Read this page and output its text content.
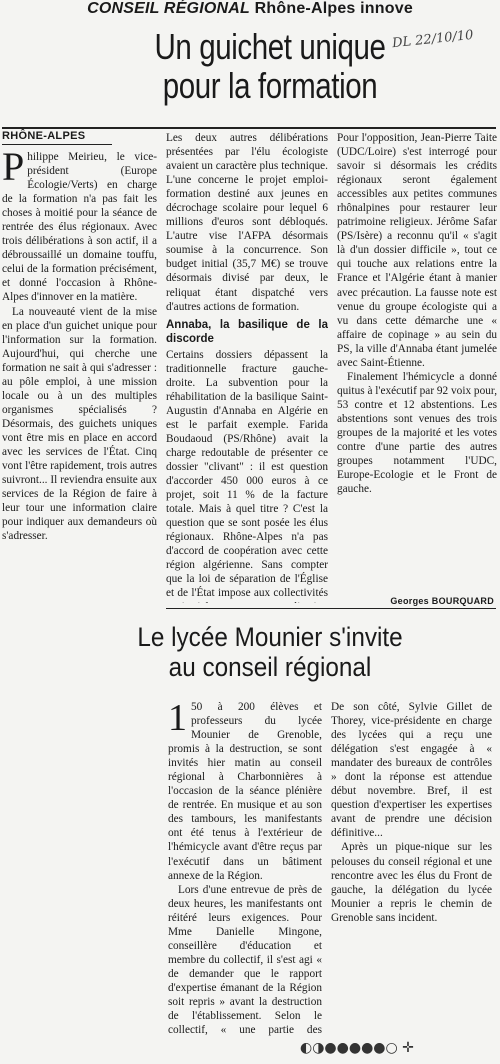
CONSEIL RÉGIONAL Rhône-Alpes innove
DL 22/10/10
Un guichet unique
pour la formation
RHÔNE-ALPES

Philippe Meirieu, le vice-président (Europe Écologie/Verts) en charge de la formation n'a pas fait les choses à moitié pour la séance de rentrée des élus régionaux. Avec trois délibérations à son actif, il a débroussaillé un domaine touffu, celui de la formation précisément, et donné l'occasion à Rhône-Alpes d'innover en la matière.

La nouveauté vient de la mise en place d'un guichet unique pour l'information sur la formation. Aujourd'hui, qui cherche une formation ne sait à qui s'adresser : au pôle emploi, à une mission locale ou à un des multiples organismes spécialisés ? Désormais, des guichets uniques vont être mis en place en accord avec les services de l'État. Cinq vont l'être rapidement, trois autres suivront... Il reviendra ensuite aux services de la Région de faire à leur tour une information claire pour indiquer aux demandeurs où s'adresser.

Les deux autres délibérations présentées par l'élu écologiste avaient un caractère plus technique. L'une concerne le projet emploi-formation destiné aux jeunes en décrochage scolaire pour lequel 6 millions d'euros sont débloqués. L'autre vise l'AFPA désormais soumise à la concurrence. Son budget initial (35,7 M€) se trouve désormais divisé par deux, le reliquat étant dispatché vers d'autres actions de formation.

Annaba, la basilique de la discorde

Certains dossiers dépassent la traditionnelle fracture gauche-droite. La subvention pour la réhabilitation de la basilique Saint-Augustin d'Annaba en Algérie en est le parfait exemple. Farida Boudaoud (PS/Rhône) avait la charge redoutable de présenter ce dossier "clivant" : il est question d'accorder 450 000 euros à ce projet, soit 11 % de la facture totale. Mais à quel titre ? C'est la question que se sont posée les élus régionaux. Rhône-Alpes n'a pas d'accord de coopération avec cette région algérienne. Sans compter que la loi de séparation de l'Église et de l'État impose aux collectivités

Pour l'opposition, Jean-Pierre Taite (UDC/Loire) s'est interrogé pour savoir si désormais les crédits régionaux seront également accessibles aux petites communes rhônalpines pour restaurer leur patrimoine religieux. Jérôme Safar (PS/Isère) a reconnu qu'il « s'agit là d'un dossier difficile », tout ce qui touche aux relations entre la France et l'Algérie étant à manier avec précaution. La fausse note est venue du groupe écologiste qui a vu dans cette démarche une « affaire de copinage » au sein du PS, la ville d'Annaba étant jumelée avec Saint-Étienne.

Finalement l'hémicycle a donné quitus à l'exécutif par 92 voix pour, 53 contre et 12 abstentions. Les abstentions sont venues des trois groupes de la majorité et les votes contre d'une partie des autres groupes notamment l'UDC, Europe-Ecologie et le Front de gauche.

Georges BOURQUARD
Le lycée Mounier s'invite
au conseil régional

1 50 à 200 élèves et professeurs du lycée Mounier de Grenoble, promis à la destruction, se sont invités hier matin au conseil régional à Charbonnières à l'occasion de la séance plénière de rentrée. En musique et au son des tambours, les manifestants ont été tenus à l'extérieur de l'hémicycle avant d'être reçus par l'exécutif dans un bâtiment annexe de la Région.

Lors d'une entrevue de près de deux heures, les manifestants ont réitéré leurs exigences. Pour Mme Danielle Mingone, conseillère d'éducation et membre du collectif, il s'est agi « de demander que le rapport d'expertise émanant de la Région soit repris » avant la destruction de l'établissement. Selon le collectif, « une partie des

De son côté, Sylvie Gillet de Thorey, vice-présidente en charge des lycées qui a reçu une délégation s'est engagée à « mandater des bureaux de contrôles » dont la réponse est attendue début novembre. Bref, il est question d'expertiser les expertises avant de prendre une décision définitive...

Après un pique-nique sur les pelouses du conseil régional et une rencontre avec les élus du Front de gauche, la délégation du lycée Mounier a repris le chemin de Grenoble sans incident.

◐◑●●●●●○ ✛
